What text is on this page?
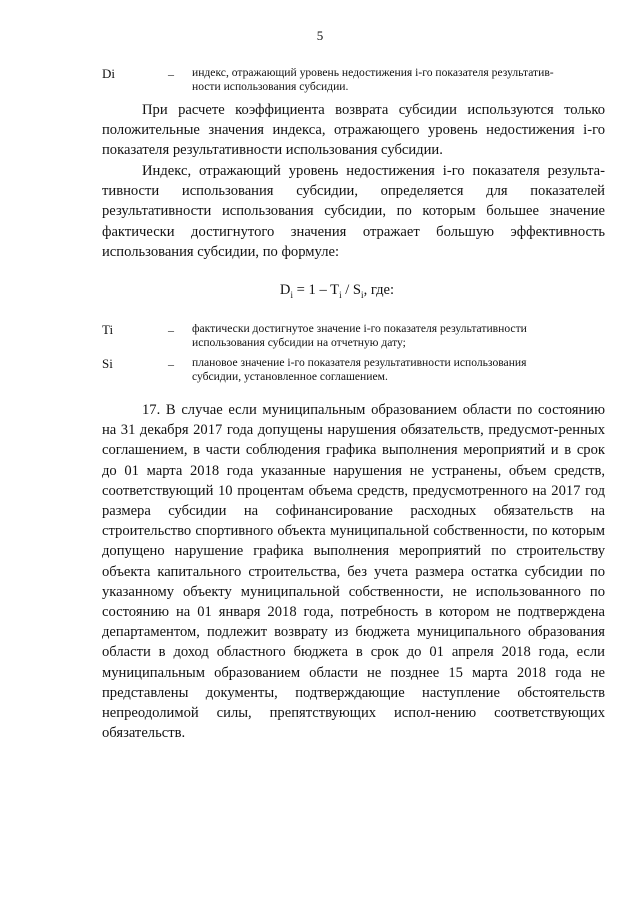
5
Di	–	индекс, отражающий уровень недостижения i-го показателя результатив-ности использования субсидии.

При расчете коэффициента возврата субсидии используются только положительные значения индекса, отражающего уровень недостижения i-го показателя результативности использования субсидии.

Индекс, отражающий уровень недостижения i-го показателя результа-тивности использования субсидии, определяется для показателей результативности использования субсидии, по которым большее значение фактически достигнутого значения отражает большую эффективность использования субсидии, по формуле:

$D_i = 1 - T_i / S_i$, где:
Ti	–	фактически достигнутое значение i-го показателя результативности использования субсидии на отчетную дату;
Si	–	плановое значение i-го показателя результативности использования субсидии, установленное соглашением.

17. В случае если муниципальным образованием области по состоянию на 31 декабря 2017 года допущены нарушения обязательств, предусмот-ренных соглашением, в части соблюдения графика выполнения мероприятий и в срок до 01 марта 2018 года указанные нарушения не устранены, объем средств, соответствующий 10 процентам объема средств, предусмотренного на 2017 год размера субсидии на софинансирование расходных обязательств на строительство спортивного объекта муниципальной собственности, по которым допущено нарушение графика выполнения мероприятий по строительству объекта капитального строительства, без учета размера остатка субсидии по указанному объекту муниципальной собственности, не использованного по состоянию на 01 января 2018 года, потребность в котором не подтверждена департаментом, подлежит возврату из бюджета муниципального образования области в доход областного бюджета в срок до 01 апреля 2018 года, если муниципальным образованием области не позднее 15 марта 2018 года не представлены документы, подтверждающие наступление обстоятельств непреодолимой силы, препятствующих испол-нению соответствующих обязательств.
